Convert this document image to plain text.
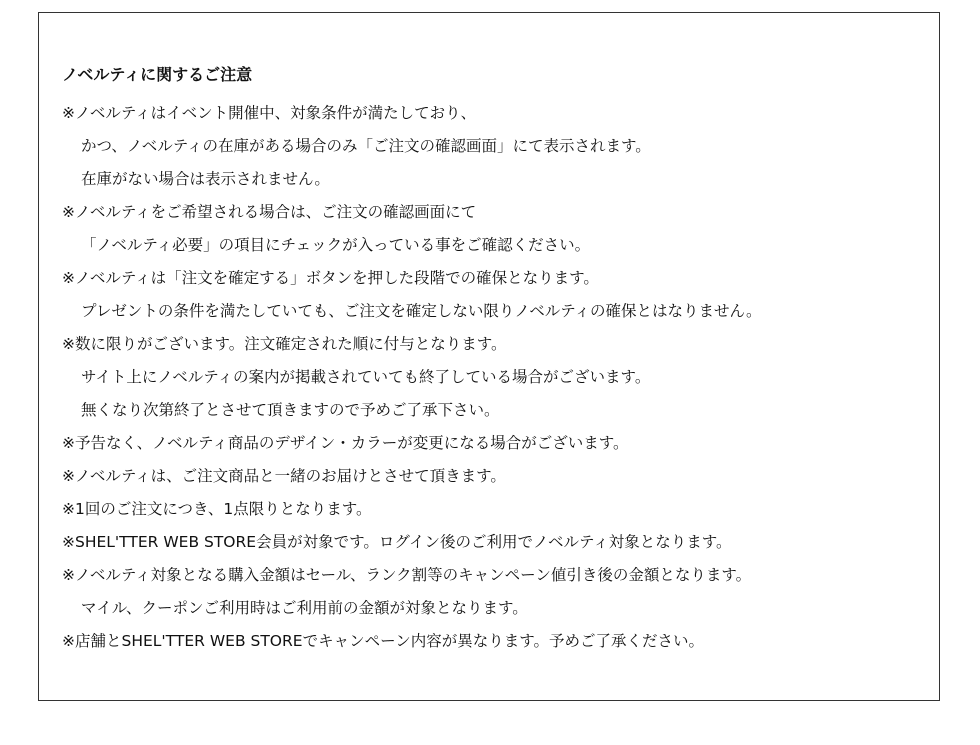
ノベルティに関するご注意
※ノベルティはイベント開催中、対象条件が満たしており、
かつ、ノベルティの在庫がある場合のみ「ご注文の確認画面」にて表示されます。
在庫がない場合は表示されません。
※ノベルティをご希望される場合は、ご注文の確認画面にて
「ノベルティ必要」の項目にチェックが入っている事をご確認ください。
※ノベルティは「注文を確定する」ボタンを押した段階での確保となります。
プレゼントの条件を満たしていても、ご注文を確定しない限りノベルティの確保とはなりません。
※数に限りがございます。注文確定された順に付与となります。
サイト上にノベルティの案内が掲載されていても終了している場合がございます。
無くなり次第終了とさせて頂きますので予めご了承下さい。
※予告なく、ノベルティ商品のデザイン・カラーが変更になる場合がございます。
※ノベルティは、ご注文商品と一緒のお届けとさせて頂きます。
※1回のご注文につき、1点限りとなります。
※SHEL'TTER WEB STORE会員が対象です。ログイン後のご利用でノベルティ対象となります。
※ノベルティ対象となる購入金額はセール、ランク割等のキャンペーン値引き後の金額となります。
マイル、クーポンご利用時はご利用前の金額が対象となります。
※店舗とSHEL'TTER WEB STOREでキャンペーン内容が異なります。予めご了承ください。
